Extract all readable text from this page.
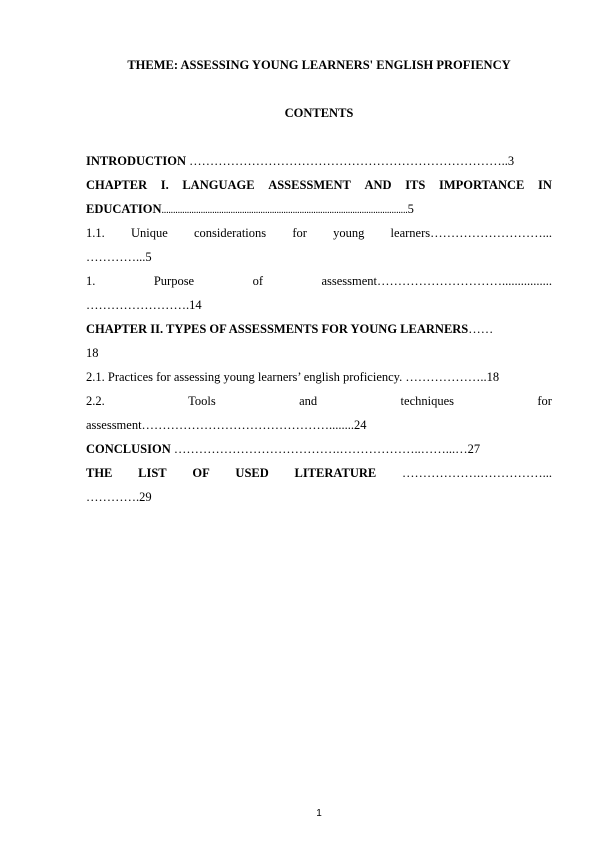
THEME: ASSESSING YOUNG LEARNERS' ENGLISH PROFIENCY
CONTENTS
INTRODUCTION …………………………………………………………………..3
CHAPTER I. LANGUAGE ASSESSMENT AND ITS IMPORTANCE IN
EDUCATION...........................................................................................................5
1.1. Unique considerations for young learners………………………...
…………...5
1.	Purpose	of	assessment…………………………................
…………………….14
CHAPTER II. TYPES OF ASSESSMENTS FOR YOUNG LEARNERS……
18
2.1. Practices for assessing young learners’ english proficiency. ………………..18
2.2.	Tools	and	techniques	for
assessment………………………………………........24
CONCLUSION ………………………………….………………..……...…27
THE LIST OF USED LITERATURE ……………….……………...
………….29
1
